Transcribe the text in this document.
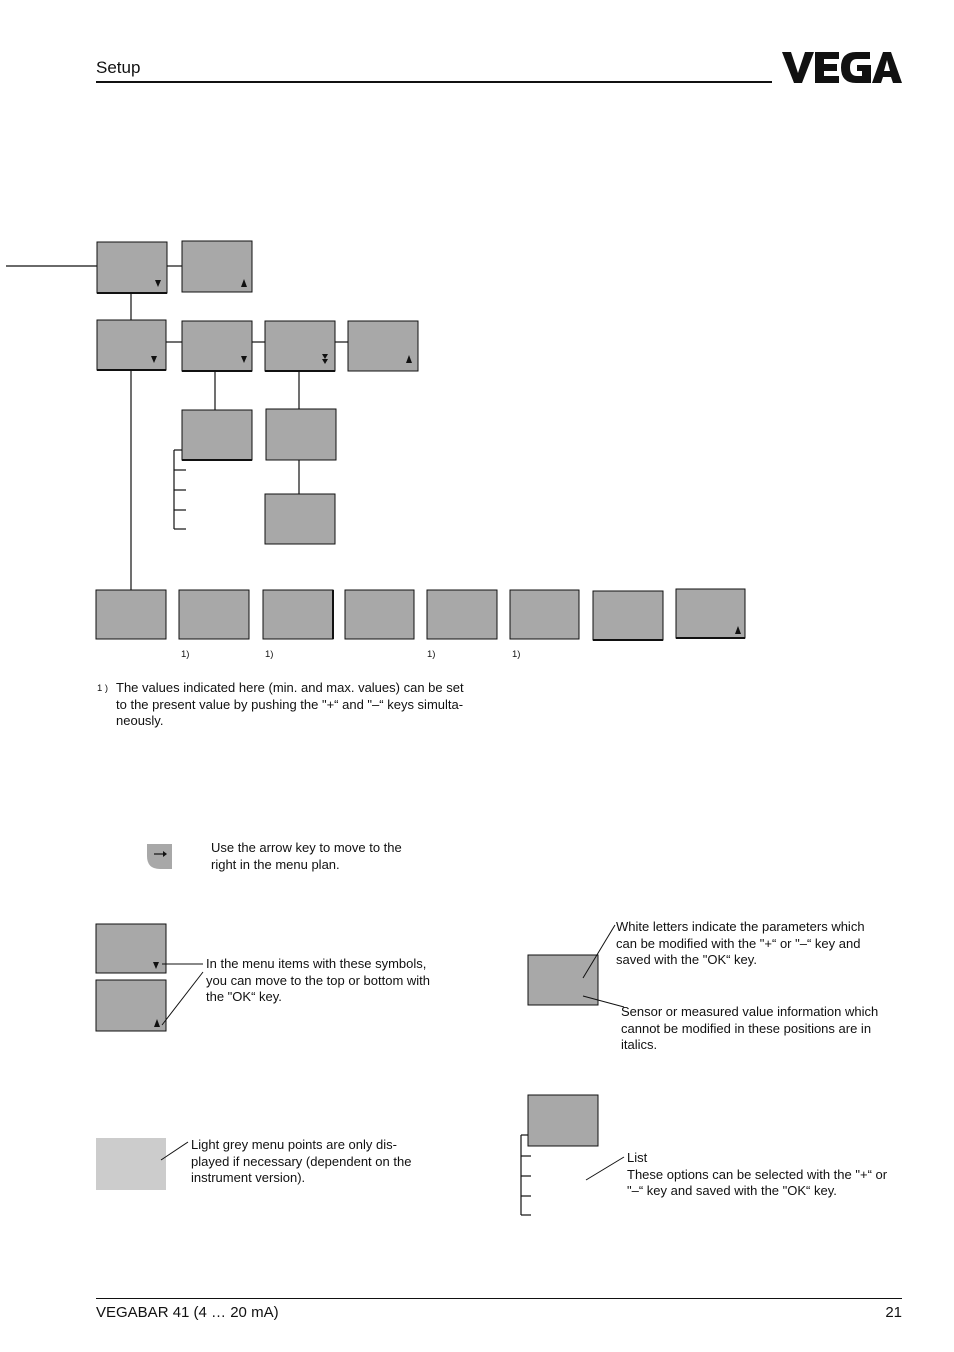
Setup
1)	1)	1)	1)
1 ) The values indicated here (min. and max. values) can be set
to the present value by pushing the "+“ and "–“ keys simulta-
neously.
Use the arrow key to move to the
right in the menu plan.
In the menu items with these symbols,
you can move to the top or bottom with
the "OK“ key.
White letters indicate the parameters which
can be modified with the "+“ or "–“ key and
saved with the "OK“ key.
Sensor or measured value information which
cannot be modified in these positions are in
italics.
Light grey menu points are only dis-
played if necessary (dependent on the
instrument version).
List
These options can be selected with the "+“ or
"–“ key and saved with the "OK“ key.
VEGABAR 41 (4 … 20 mA)	21
